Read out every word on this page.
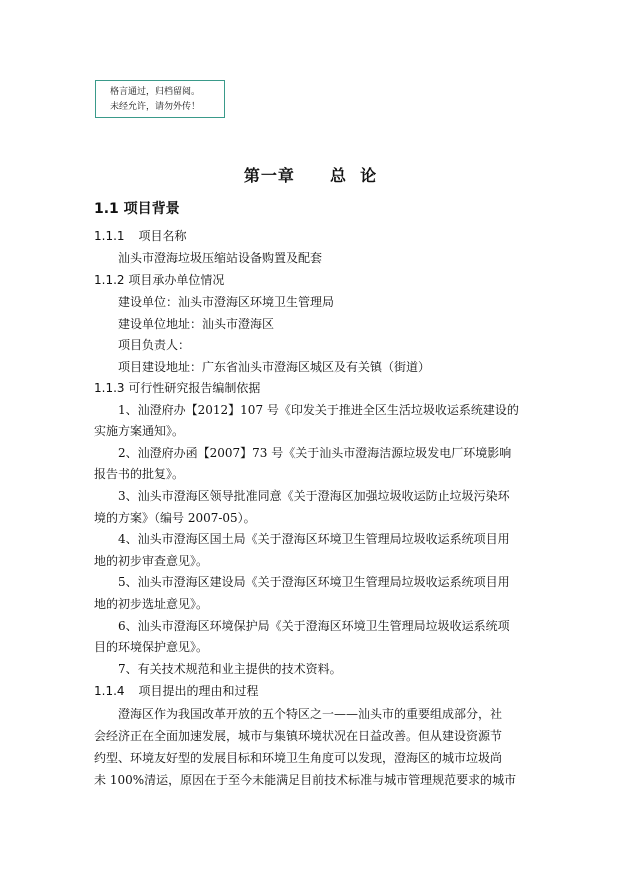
格言通过，归档留阅。
未经允许，请勿外传！
第一章 总  论
1.1 项目背景
1.1.1 项目名称
汕头市澄海垃圾压缩站设备购置及配套
1.1.2 项目承办单位情况
建设单位：汕头市澄海区环境卫生管理局
建设单位地址：汕头市澄海区
项目负责人：
项目建设地址：广东省汕头市澄海区城区及有关镇（街道）
1.1.3 可行性研究报告编制依据
1、汕澄府办【2012】107 号《印发关于推进全区生活垃圾收运系统建设的
实施方案通知》。
2、汕澄府办函【2007】73 号《关于汕头市澄海洁源垃圾发电厂环境影响
报告书的批复》。
3、汕头市澄海区领导批准同意《关于澄海区加强垃圾收运防止垃圾污染环
境的方案》（编号 2007-05）。
4、汕头市澄海区国土局《关于澄海区环境卫生管理局垃圾收运系统项目用
地的初步审查意见》。
5、汕头市澄海区建设局《关于澄海区环境卫生管理局垃圾收运系统项目用
地的初步选址意见》。
6、汕头市澄海区环境保护局《关于澄海区环境卫生管理局垃圾收运系统项
目的环境保护意见》。
7、有关技术规范和业主提供的技术资料。
1.1.4 项目提出的理由和过程
澄海区作为我国改革开放的五个特区之一——汕头市的重要组成部分，社
会经济正在全面加速发展，城市与集镇环境状况在日益改善。但从建设资源节
约型、环境友好型的发展目标和环境卫生角度可以发现，澄海区的城市垃圾尚
未 100%清运，原因在于至今未能满足目前技术标准与城市管理规范要求的城市
